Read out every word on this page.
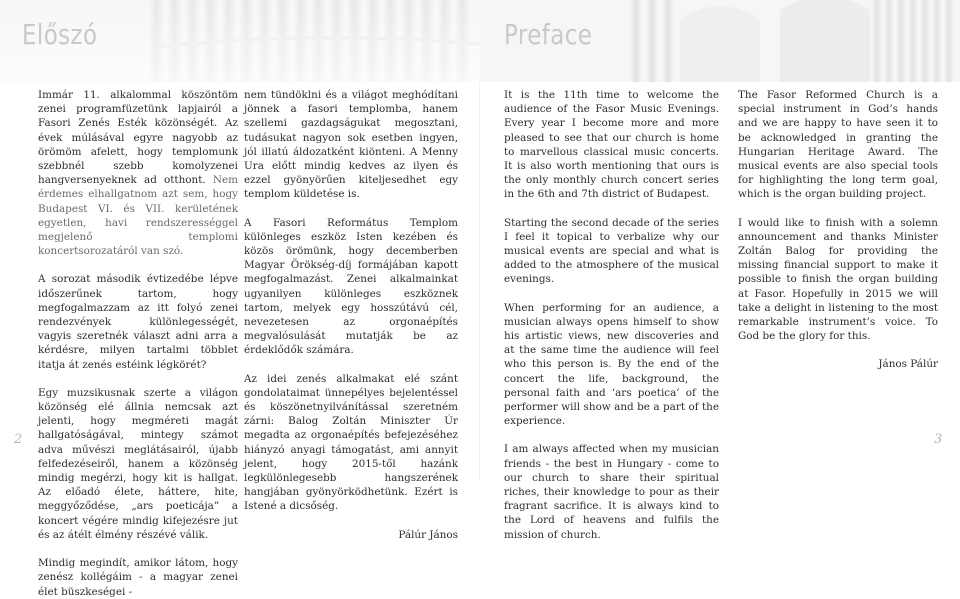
Előszó

Immár 11. alkalommal köszöntöm zenei programfüzetünk lapjairól a Fasori Zenés Esték közönségét. Az évek múlásával egyre nagyobb az örömöm afelett, hogy templomunk szebbnél szebb komolyzenei hangversenyeknek ad otthont. Nem érdemes elhallgatnom azt sem, hogy Budapest VI. és VII. kerületének egyetlen, havi rendszerességgel megjelenő templomi koncertsorozatáról van szó.

A sorozat második évtizedébe lépve időszerűnek tartom, hogy megfogalmazzam az itt folyó zenei rendezvények különlegességét, vagyis szeretnék választ adni arra a kérdésre, milyen tartalmi többlet itatja át zenés estéink légkörét?

Egy muzsikusnak szerte a világon közönség elé állnia nemcsak azt jelenti, hogy megméreti magát hallgatóságával, mintegy számot adva művészi meglátásairól, újabb felfedezéseiről, hanem a közönség mindig megérzi, hogy kit is hallgat. Az előadó élete, háttere, hite, meggyőződése, „ars poeticája” a koncert végére mindig kifejezésre jut és az átélt élmény részévé válik.

Mindig megindít, amikor látom, hogy zenész kollégáim - a magyar zenei élet büszkeségei -

nem tündöklni és a világot meghódítani jönnek a fasori templomba, hanem szellemi gazdagságukat megosztani, tudásukat nagyon sok esetben ingyen, jól illatú áldozatként kiönteni. A Menny Ura előtt mindig kedves az ilyen és ezzel gyönyörűen kiteljesedhet egy templom küldetése is.

A Fasori Református Templom különleges eszköz Isten kezében és közös örömünk, hogy decemberben Magyar Örökség-díj formájában kapott megfogalmazást. Zenei alkalmainkat ugyanilyen különleges eszköznek tartom, melyek egy hosszútávú cél, nevezetesen az orgonaépítés megvalósulását mutatják be az érdeklődők számára.

Az idei zenés alkalmakat elé szánt gondolataimat ünnepélyes bejelentéssel és köszönetnyilvánítással szeretném zárni: Balog Zoltán Miniszter Úr megadta az orgonaépítés befejezéséhez hiányzó anyagi támogatást, ami annyit jelent, hogy 2015-től hazánk legkülönlegesebb hangszerének hangjában gyönyörködhetünk. Ezért is Istené a dicsőség.

Pálúr János

2
Preface

It is the 11th time to welcome the audience of the Fasor Music Evenings. Every year I become more and more pleased to see that our church is home to marvellous classical music concerts. It is also worth mentioning that ours is the only monthly church concert series in the 6th and 7th district of Budapest.

Starting the second decade of the series I feel it topical to verbalize why our musical events are special and what is added to the atmosphere of the musical evenings.

When performing for an audience, a musician always opens himself to show his artistic views, new discoveries and at the same time the audience will feel who this person is. By the end of the concert the life, background, the personal faith and ‘ars poetica’ of the performer will show and be a part of the experience.

I am always affected when my musician friends - the best in Hungary - come to our church to share their spiritual riches, their knowledge to pour as their fragrant sacrifice. It is always kind to the Lord of heavens and fulfils the mission of church.

The Fasor Reformed Church is a special instrument in God’s hands and we are happy to have seen it to be acknowledged in granting the Hungarian Heritage Award. The musical events are also special tools for highlighting the long term goal, which is the organ building project.

I would like to finish with a solemn announcement and thanks Minister Zoltán Balog for providing the missing financial support to make it possible to finish the organ building at Fasor. Hopefully in 2015 we will take a delight in listening to the most remarkable instrument’s voice. To God be the glory for this.

János Pálúr

3
